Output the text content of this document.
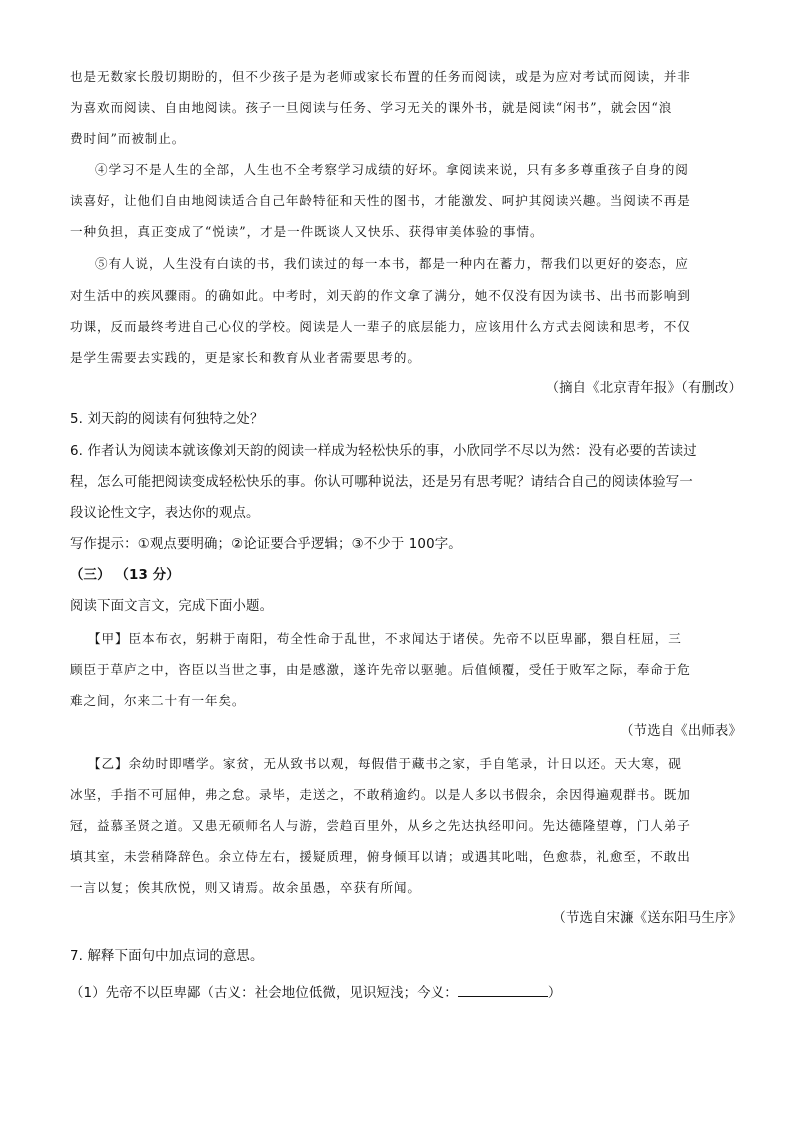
也是无数家长殷切期盼的，但不少孩子是为老师或家长布置的任务而阅读，或是为应对考试而阅读，并非
为喜欢而阅读、自由地阅读。孩子一旦阅读与任务、学习无关的课外书，就是阅读“闲书”，就会因“浪
费时间”而被制止。
④学习不是人生的全部，人生也不全考察学习成绩的好坏。拿阅读来说，只有多多尊重孩子自身的阅
读喜好，让他们自由地阅读适合自己年龄特征和天性的图书，才能激发、呵护其阅读兴趣。当阅读不再是
一种负担，真正变成了“悦读”，才是一件既谈人又快乐、获得审美体验的事情。
⑤有人说，人生没有白读的书，我们读过的每一本书，都是一种内在蓄力，帮我们以更好的姿态，应
对生活中的疾风骤雨。的确如此。中考时，刘天韵的作文拿了满分，她不仅没有因为读书、出书而影响到
功课，反而最终考进自己心仪的学校。阅读是人一辈子的底层能力，应该用什么方式去阅读和思考，不仅
是学生需要去实践的，更是家长和教育从业者需要思考的。
（摘自《北京青年报》（有删改）
5. 刘天韵的阅读有何独特之处？
6. 作者认为阅读本就该像刘天韵的阅读一样成为轻松快乐的事，小欣同学不尽以为然：没有必要的苦读过
程，怎么可能把阅读变成轻松快乐的事。你认可哪种说法，还是另有思考呢？请结合自己的阅读体验写一
段议论性文字，表达你的观点。
写作提示：①观点要明确；②论证要合乎逻辑；③不少于 100字。
（三） （13 分）
阅读下面文言文，完成下面小题。
【甲】臣本布衣，躬耕于南阳，苟全性命于乱世，不求闻达于诸侯。先帝不以臣卑鄙，猥自枉屈，三
顾臣于草庐之中，咨臣以当世之事，由是感激，遂许先帝以驱驰。后值倾覆，受任于败军之际，奉命于危
难之间，尔来二十有一年矣。
（节选自《出师表》
【乙】余幼时即嗜学。家贫，无从致书以观，每假借于藏书之家，手自笔录，计日以还。天大寒，砚
冰坚，手指不可屈伸，弗之怠。录毕，走送之，不敢稍逾约。以是人多以书假余，余因得遍观群书。既加
冠，益慕圣贤之道。又患无硕师名人与游，尝趋百里外，从乡之先达执经叩问。先达德隆望尊，门人弟子
填其室，未尝稍降辞色。余立侍左右，援疑质理，俯身倾耳以请；或遇其叱咄，色愈恭，礼愈至，不敢出
一言以复；俟其欣悦，则又请焉。故余虽愚，卒获有所闻。
（节选自宋濂《送东阳马生序》
7. 解释下面句中加点词的意思。
（1）先帝不以臣卑鄙（古义：社会地位低微，见识短浅；今义：	）
